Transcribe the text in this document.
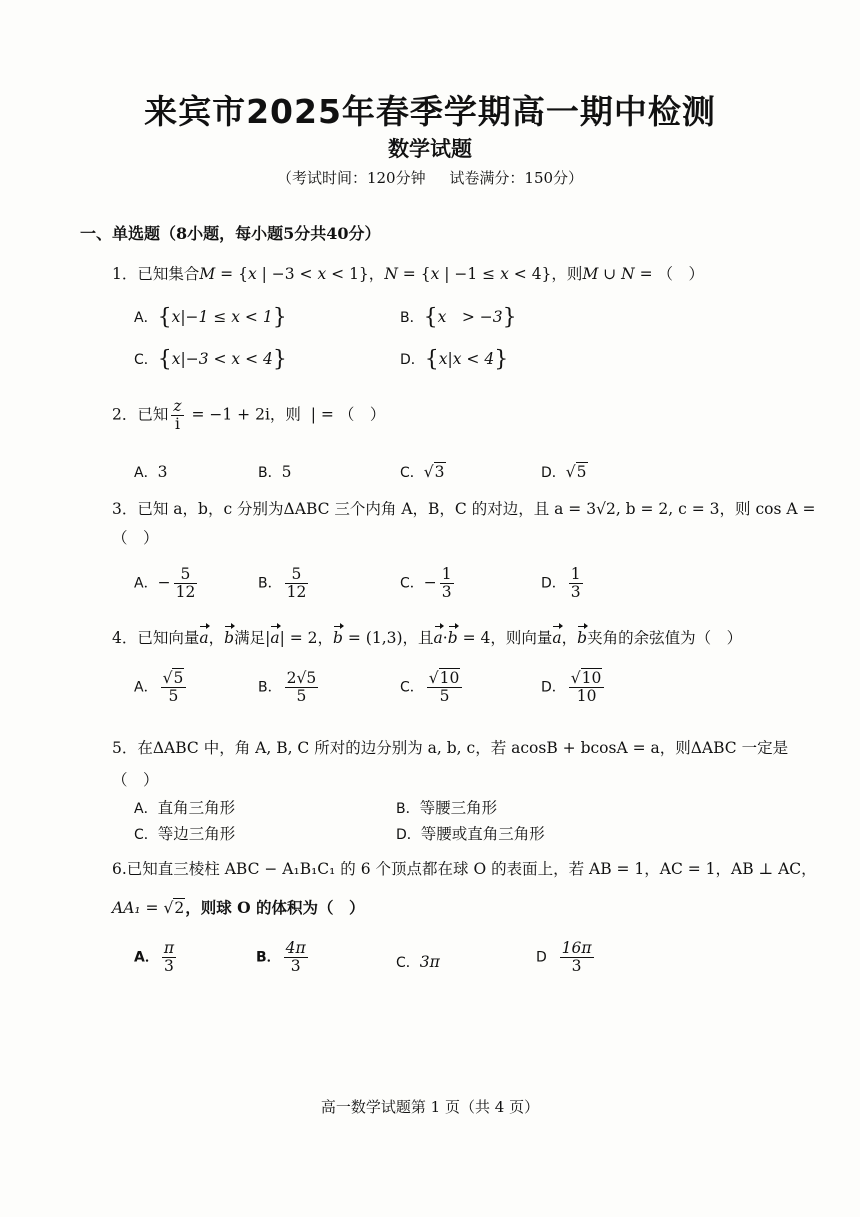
来宾市2025年春季学期高一期中检测
数学试题
（考试时间：120分钟     试卷满分：150分）
一、单选题（8小题，每小题5分共40分）
1．已知集合M = {x | −3 < x < 1}，N = {x | −1 ≤ x < 4}，则M ∪ N = （　）
A．{x|−1 ≤ x < 1}	B．{x　> −3}
C．{x|−3 < x < 4}	D．{x|x < 4}
2．已知 $\frac{z}{i} = -1 + 2i$，则 | = （　）
A．3	B．5	C．√3	D．√5
3．已知 a，b，c 分别为ΔABC 三个内角 A，B，C 的对边，且 a = 3√2, b = 2, c = 3，则 cos A =
（　）
A．− $\frac{5}{12}$	B． $\frac{5}{12}$	C．− $\frac{1}{3}$	D． $\frac{1}{3}$
4．已知向量a，b满足|a| = 2，b = (1,3)，且a·b = 4，则向量a，b夹角的余弦值为（　）
A． $\frac{√5}{5}$	B． $\frac{2√5}{5}$	C． $\frac{√10}{5}$	D． $\frac{√10}{10}$
5．在ΔABC 中，角 A, B, C 所对的边分别为 a, b, c，若 acosB + bcosA = a，则ΔABC 一定是
（　）
A．直角三角形	B．等腰三角形
C．等边三角形	D．等腰或直角三角形
6.已知直三棱柱 ABC − A₁B₁C₁ 的 6 个顶点都在球 O 的表面上，若 AB = 1，AC = 1，AB ⊥ AC，
AA₁ = √2，则球 O 的体积为（　）
A． $\frac{\pi}{3}$	B． $\frac{4\pi}{3}$	C．3π	D $\frac{16\pi}{3}$
高一数学试题第 1 页（共 4 页）
